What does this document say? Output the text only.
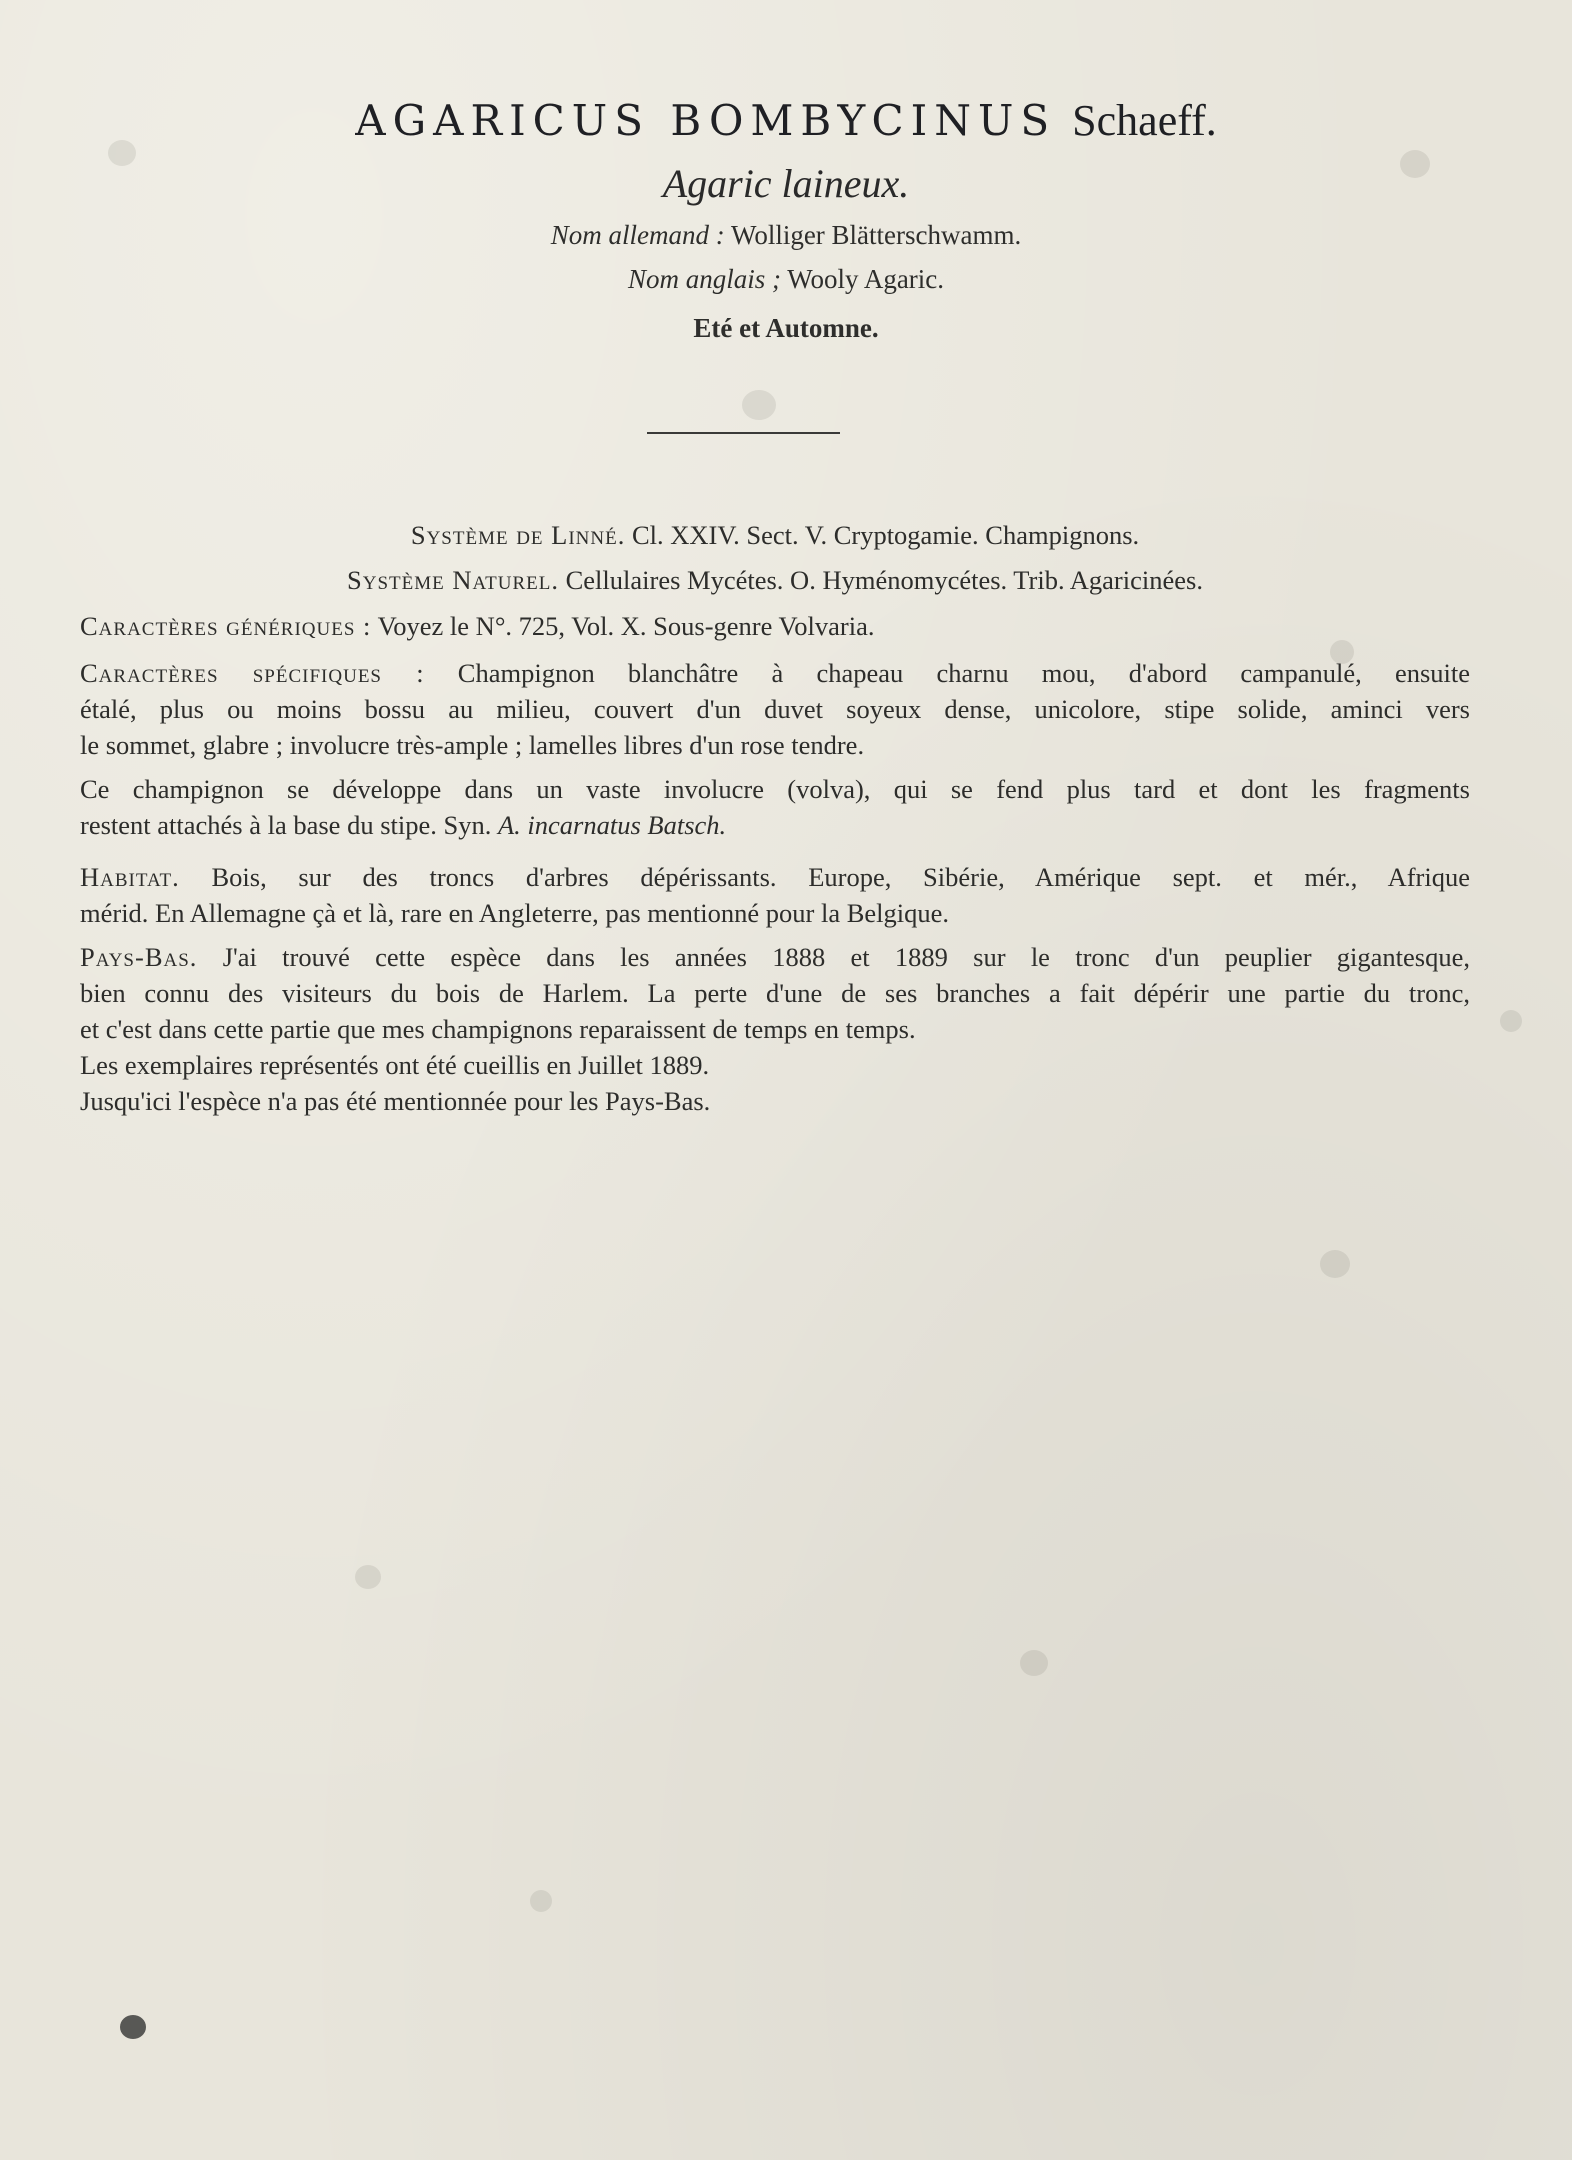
AGARICUS BOMBYCINUS Schaeff.
Agaric laineux.
Nom allemand : Wolliger Blätterschwamm.
Nom anglais ; Wooly Agaric.
Eté et Automne.
Système de Linné. Cl. XXIV. Sect. V. Cryptogamie. Champignons.
Système Naturel. Cellulaires Mycétes. O. Hyménomycétes. Trib. Agaricinées.
Caractères génériques : Voyez le N°. 725, Vol. X. Sous-genre Volvaria.
Caractères spécifiques : Champignon blanchâtre à chapeau charnu mou, d'abord campanulé, ensuite
étalé, plus ou moins bossu au milieu, couvert d'un duvet soyeux dense, unicolore, stipe solide, aminci vers
le sommet, glabre ; involucre très-ample ; lamelles libres d'un rose tendre.
Ce champignon se développe dans un vaste involucre (volva), qui se fend plus tard et dont les fragments
restent attachés à la base du stipe. Syn. A. incarnatus Batsch.
Habitat. Bois, sur des troncs d'arbres dépérissants. Europe, Sibérie, Amérique sept. et mér., Afrique
mérid. En Allemagne çà et là, rare en Angleterre, pas mentionné pour la Belgique.
Pays-Bas. J'ai trouvé cette espèce dans les années 1888 et 1889 sur le tronc d'un peuplier gigantesque,
bien connu des visiteurs du bois de Harlem. La perte d'une de ses branches a fait dépérir une partie du tronc,
et c'est dans cette partie que mes champignons reparaissent de temps en temps.
Les exemplaires représentés ont été cueillis en Juillet 1889.
Jusqu'ici l'espèce n'a pas été mentionnée pour les Pays-Bas.
